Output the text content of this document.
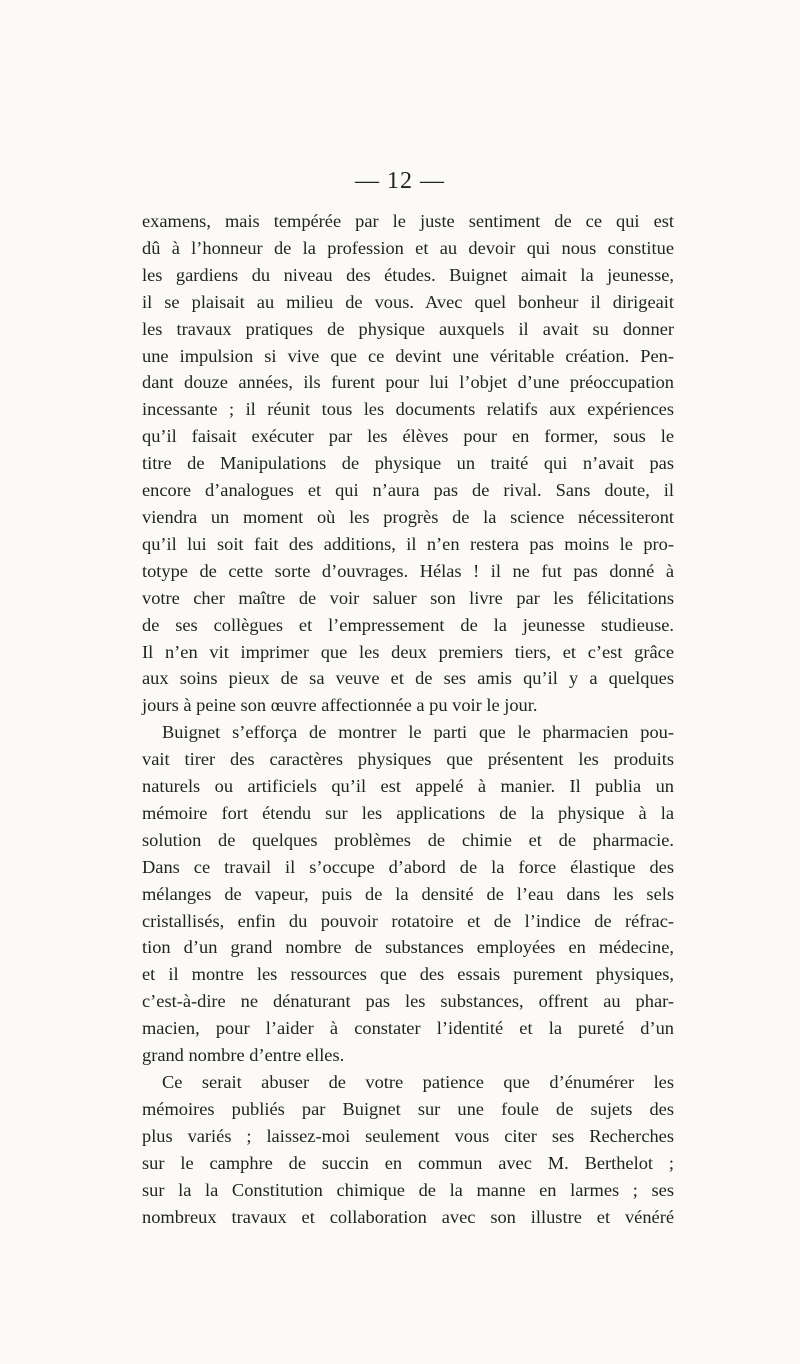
— 12 —
examens, mais tempérée par le juste sentiment de ce qui est
dû à l’honneur de la profession et au devoir qui nous constitue
les gardiens du niveau des études. Buignet aimait la jeunesse,
il se plaisait au milieu de vous. Avec quel bonheur il dirigeait
les travaux pratiques de physique auxquels il avait su donner
une impulsion si vive que ce devint une véritable création. Pen-
dant douze années, ils furent pour lui l’objet d’une préoccupation
incessante ; il réunit tous les documents relatifs aux expériences
qu’il faisait exécuter par les élèves pour en former, sous le
titre de Manipulations de physique un traité qui n’avait pas
encore d’analogues et qui n’aura pas de rival. Sans doute, il
viendra un moment où les progrès de la science nécessiteront
qu’il lui soit fait des additions, il n’en restera pas moins le pro-
totype de cette sorte d’ouvrages. Hélas ! il ne fut pas donné à
votre cher maître de voir saluer son livre par les félicitations
de ses collègues et l’empressement de la jeunesse studieuse.
Il n’en vit imprimer que les deux premiers tiers, et c’est grâce
aux soins pieux de sa veuve et de ses amis qu’il y a quelques
jours à peine son œuvre affectionnée a pu voir le jour.
Buignet s’efforça de montrer le parti que le pharmacien pou-
vait tirer des caractères physiques que présentent les produits
naturels ou artificiels qu’il est appelé à manier. Il publia un
mémoire fort étendu sur les applications de la physique à la
solution de quelques problèmes de chimie et de pharmacie.
Dans ce travail il s’occupe d’abord de la force élastique des
mélanges de vapeur, puis de la densité de l’eau dans les sels
cristallisés, enfin du pouvoir rotatoire et de l’indice de réfrac-
tion d’un grand nombre de substances employées en médecine,
et il montre les ressources que des essais purement physiques,
c’est-à-dire ne dénaturant pas les substances, offrent au phar-
macien, pour l’aider à constater l’identité et la pureté d’un
grand nombre d’entre elles.
Ce serait abuser de votre patience que d’énumérer les
mémoires publiés par Buignet sur une foule de sujets des
plus variés ; laissez-moi seulement vous citer ses Recherches
sur le camphre de succin en commun avec M. Berthelot ;
sur la la Constitution chimique de la manne en larmes ; ses
nombreux travaux et collaboration avec son illustre et vénéré
